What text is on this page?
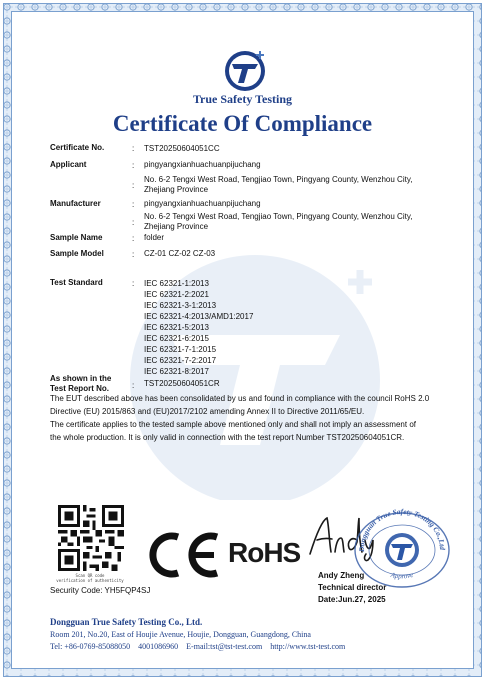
True Safety Testing
Certificate Of Compliance
Certificate No.	: TST20250604051CC
Applicant	: pingyangxianhuachuanpijuchang
:
No. 6-2 Tengxi West Road, Tengjiao Town, Pingyang County, Wenzhou City, Zhejiang Province
Manufacturer	: pingyangxianhuachuanpijuchang
:
No. 6-2 Tengxi West Road, Tengjiao Town, Pingyang County, Wenzhou City, Zhejiang Province
Sample Name	: folder
Sample Model	: CZ-01 CZ-02 CZ-03
Test Standard	: IEC 62321-1:2013
IEC 62321-2:2021
IEC 62321-3-1:2013
IEC 62321-4:2013/AMD1:2017
IEC 62321-5:2013
IEC 62321-6:2015
IEC 62321-7-1:2015
IEC 62321-7-2:2017
IEC 62321-8:2017
As shown in the
Test Report No.	: TST20250604051CR
The EUT described above has been consolidated by us and found in compliance with the council RoHS 2.0
Directive (EU) 2015/863 and (EU)2017/2102 amending Annex II to Directive 2011/65/EU.
The certificate applies to the tested sample above mentioned only and shall not imply an assessment of
the whole production. It is only valid in connection with the test report Number TST20250604051CR.
Scan QR code
verification of authenticity
Security Code: YH5FQP4SJ
RoHS	Dongguan True Safety Testing Co.,Ltd
Approve
Andy Zheng
Technical director
Date:Jun.27, 2025
Dongguan True Safety Testing Co., Ltd.
Room 201, No.20, East of Houjie Avenue, Houjie, Dongguan, Guangdong, China
Tel: +86-0769-85088050    4001086960    E-mail:tst@tst-test.com    http://www.tst-test.com
